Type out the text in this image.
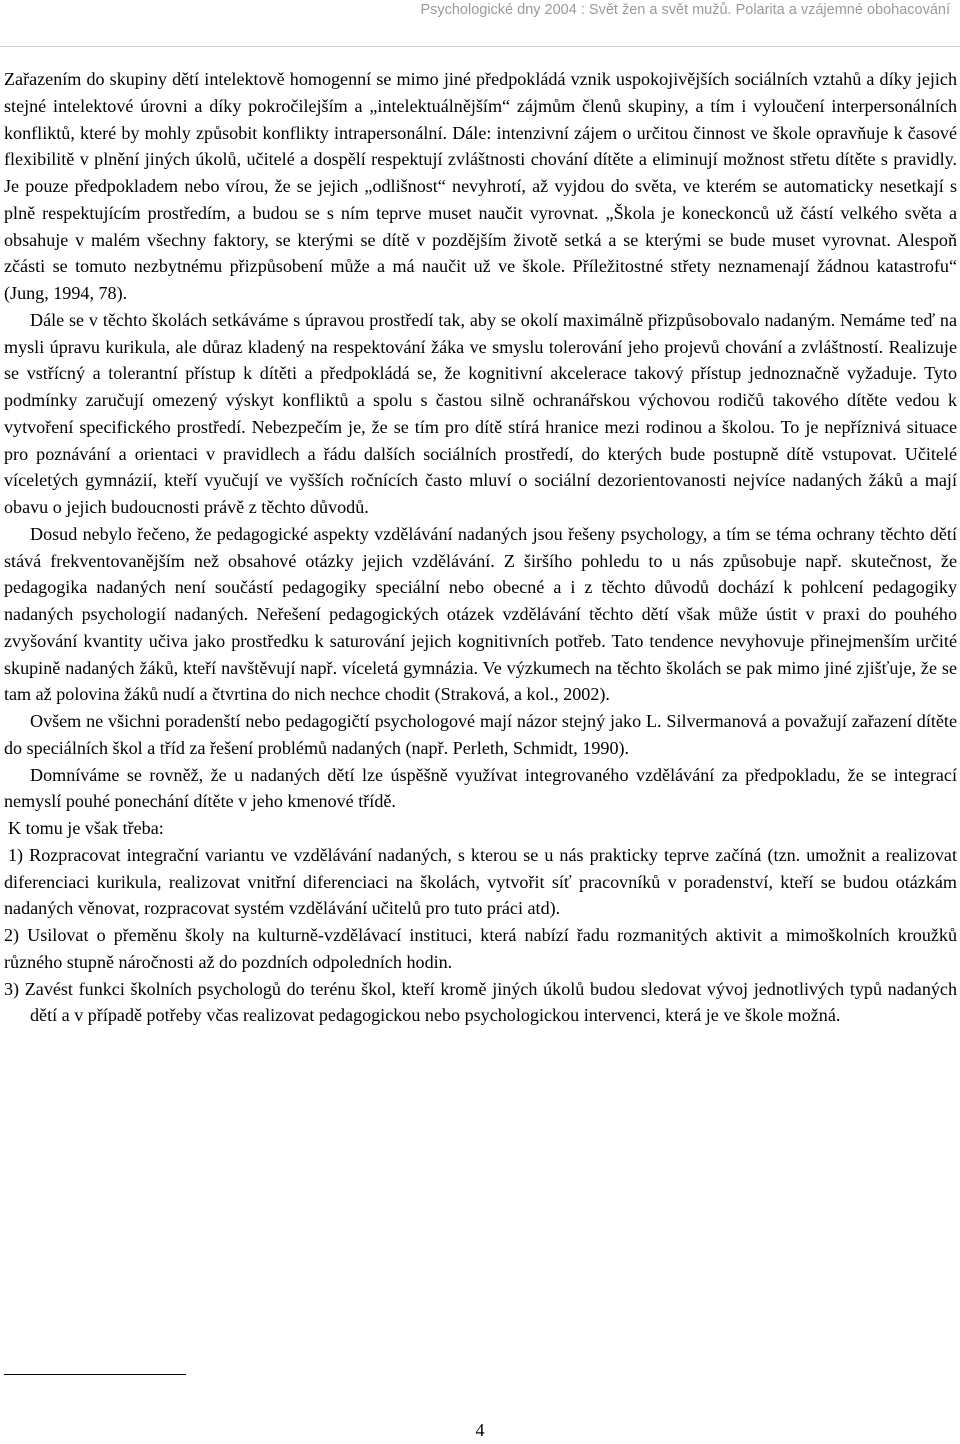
Psychologické dny 2004 : Svět žen a svět mužů. Polarita a vzájemné obohacování

Zařazením do skupiny dětí intelektově homogenní se mimo jiné předpokládá vznik uspokojivějších sociálních vztahů a díky jejich stejné intelektové úrovni a díky pokročilejším a „intelektuálnějším“ zájmům členů skupiny, a tím i vyloučení interpersonálních konfliktů, které by mohly způsobit konflikty intrapersonální. Dále: intenzivní zájem o určitou činnost ve škole opravňuje k časové flexibilitě v plnění jiných úkolů, učitelé a dospělí respektují zvláštnosti chování dítěte a eliminují možnost střetu dítěte s pravidly. Je pouze předpokladem nebo vírou, že se jejich „odlišnost“ nevyhrotí, až vyjdou do světa, ve kterém se automaticky nesetkají s plně respektujícím prostředím, a budou se s ním teprve muset naučit vyrovnat. „Škola je koneckonců už částí velkého světa a obsahuje v malém všechny faktory, se kterými se dítě v pozdějším životě setká a se kterými se bude muset vyrovnat. Alespoň zčásti se tomuto nezbytnému přizpůsobení může a má naučit už ve škole. Příležitostné střety neznamenají žádnou katastrofu“ (Jung, 1994, 78).

Dále se v těchto školách setkáváme s úpravou prostředí tak, aby se okolí maximálně přizpůsobovalo nadaným. Nemáme teď na mysli úpravu kurikula, ale důraz kladený na respektování žáka ve smyslu tolerování jeho projevů chování a zvláštností. Realizuje se vstřícný a tolerantní přístup k dítěti a předpokládá se, že kognitivní akcelerace takový přístup jednoznačně vyžaduje. Tyto podmínky zaručují omezený výskyt konfliktů a spolu s častou silně ochranářskou výchovou rodičů takového dítěte vedou k vytvoření specifického prostředí. Nebezpečím je, že se tím pro dítě stírá hranice mezi rodinou a školou. To je nepříznivá situace pro poznávání a orientaci v pravidlech a řádu dalších sociálních prostředí, do kterých bude postupně dítě vstupovat. Učitelé víceletých gymnázií, kteří vyučují ve vyšších ročnících často mluví o sociální dezorientovanosti nejvíce nadaných žáků a mají obavu o jejich budoucnosti právě z těchto důvodů.

Dosud nebylo řečeno, že pedagogické aspekty vzdělávání nadaných jsou řešeny psychology, a tím se téma ochrany těchto dětí stává frekventovanějším než obsahové otázky jejich vzdělávání. Z širšího pohledu to u nás způsobuje např. skutečnost, že pedagogika nadaných není součástí pedagogiky speciální nebo obecné a i z těchto důvodů dochází k pohlcení pedagogiky nadaných psychologií nadaných. Neřešení pedagogických otázek vzdělávání těchto dětí však může ústit v praxi do pouhého zvyšování kvantity učiva jako prostředku k saturování jejich kognitivních potřeb. Tato tendence nevyhovuje přinejmenším určité skupině nadaných žáků, kteří navštěvují např. víceletá gymnázia. Ve výzkumech na těchto školách se pak mimo jiné zjišťuje, že se tam až polovina žáků nudí a čtvrtina do nich nechce chodit (Straková, a kol., 2002).

Ovšem ne všichni poradenští nebo pedagogičtí psychologové mají názor stejný jako L. Silvermanová a považují zařazení dítěte do speciálních škol a tříd za řešení problémů nadaných (např. Perleth, Schmidt, 1990).

Domníváme se rovněž, že u nadaných dětí lze úspěšně využívat integrovaného vzdělávání za předpokladu, že se integrací nemyslí pouhé ponechání dítěte v jeho kmenové třídě.

K tomu je však třeba:

1) Rozpracovat integrační variantu ve vzdělávání nadaných, s kterou se u nás prakticky teprve začíná (tzn. umožnit a realizovat diferenciaci kurikula, realizovat vnitřní diferenciaci na školách, vytvořit síť pracovníků v poradenství, kteří se budou otázkám nadaných věnovat, rozpracovat systém vzdělávání učitelů pro tuto práci atd).

2) Usilovat o přeměnu školy na kulturně-vzdělávací instituci, která nabízí řadu rozmanitých aktivit a mimoškolních kroužků různého stupně náročnosti až do pozdních odpoledních hodin.

3) Zavést funkci školních psychologů do terénu škol, kteří kromě jiných úkolů budou sledovat vývoj jednotlivých typů nadaných dětí a v případě potřeby včas realizovat pedagogickou nebo psychologickou intervenci, která je ve škole možná.

4
